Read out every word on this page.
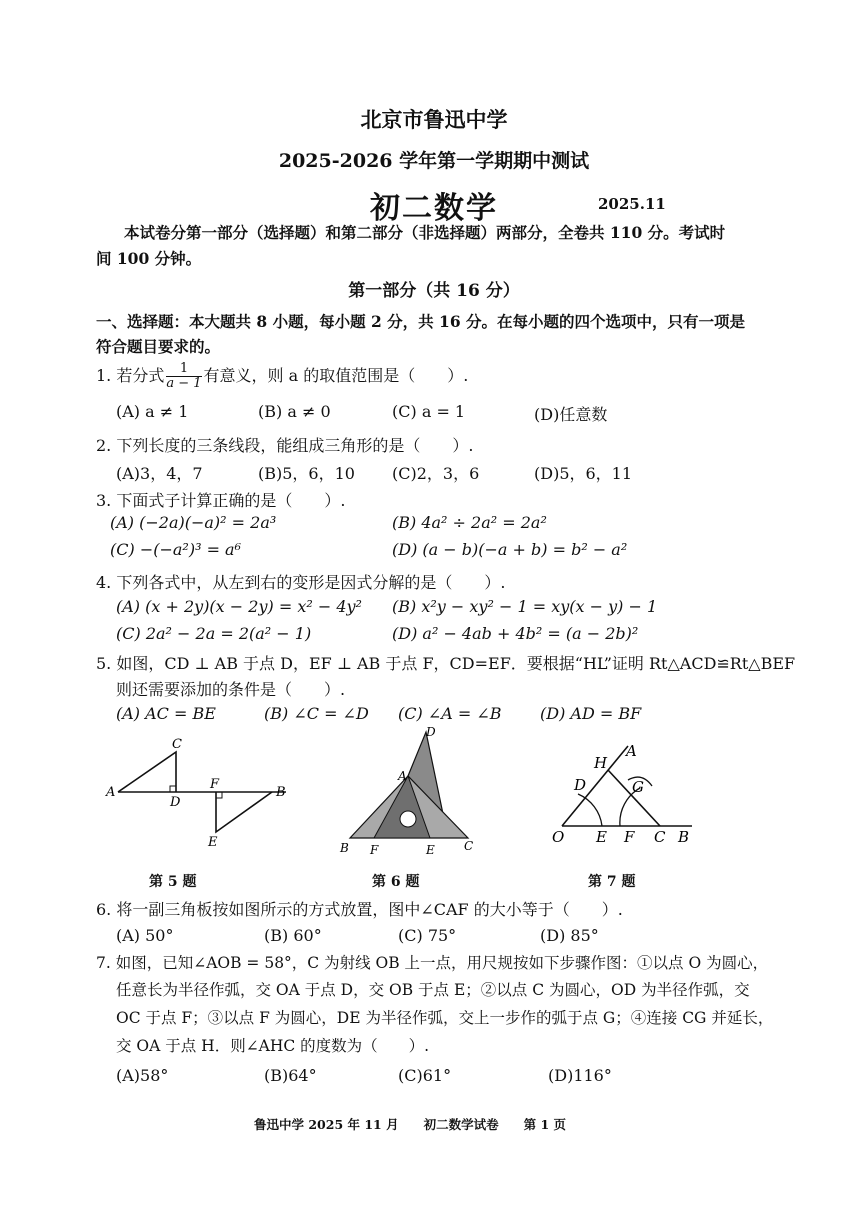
北京市鲁迅中学
2025-2026 学年第一学期期中测试
初二数学	2025.11
本试卷分第一部分（选择题）和第二部分（非选择题）两部分，全卷共 110 分。考试时
间 100 分钟。
第一部分（共 16 分）
一、选择题：本大题共 8 小题，每小题 2 分，共 16 分。在每小题的四个选项中，只有一项是
符合题目要求的。
1. 若分式 $\frac{1}{a - 1}$ 有意义，则 a 的取值范围是（　　）.
(A) a ≠ 1	(B) a ≠ 0	(C) a = 1	(D)任意数
2. 下列长度的三条线段，能组成三角形的是（　　）.
(A)3，4，7	(B)5，6，10 (C)2，3，6	(D)5，6，11
3. 下面式子计算正确的是（　　）.
(A) (−2a)(−a)² = 2a³	(B) 4a² ÷ 2a² = 2a²
(C) −(−a²)³ = a⁶	(D) (a − b)(−a + b) = b² − a²
4. 下列各式中，从左到右的变形是因式分解的是（　　）.
(A) (x + 2y)(x − 2y) = x² − 4y² (B) x²y − xy² − 1 = xy(x − y) − 1
(C) 2a² − 2a = 2(a² − 1)	(D) a² − 4ab + 4b² = (a − 2b)²
5. 如图，CD ⊥ AB 于点 D，EF ⊥ AB 于点 F，CD=EF．要根据“HL”证明 Rt△ACD≌Rt△BEF
则还需要添加的条件是（　　）.
(A) AC = BE	(B) ∠C = ∠D (C) ∠A = ∠B (D) AD = BF
C
A
D
F
B
E
D
A
B F	E C
H
A
D	G
O E F C B
第 5 题	第 6 题	第 7 题
6. 将一副三角板按如图所示的方式放置，图中∠CAF 的大小等于（　　）.
(A) 50°	(B) 60°	(C) 75°	(D) 85°
7. 如图，已知∠AOB = 58°，C 为射线 OB 上一点，用尺规按如下步骤作图：①以点 O 为圆心，
任意长为半径作弧，交 OA 于点 D，交 OB 于点 E；②以点 C 为圆心，OD 为半径作弧，交
OC 于点 F；③以点 F 为圆心，DE 为半径作弧，交上一步作的弧于点 G；④连接 CG 并延长，
交 OA 于点 H．则∠AHC 的度数为（　　）.
(A)58°	(B)64°	(C)61°	(D)116°
鲁迅中学 2025 年 11 月　　初二数学试卷　　第 1 页
